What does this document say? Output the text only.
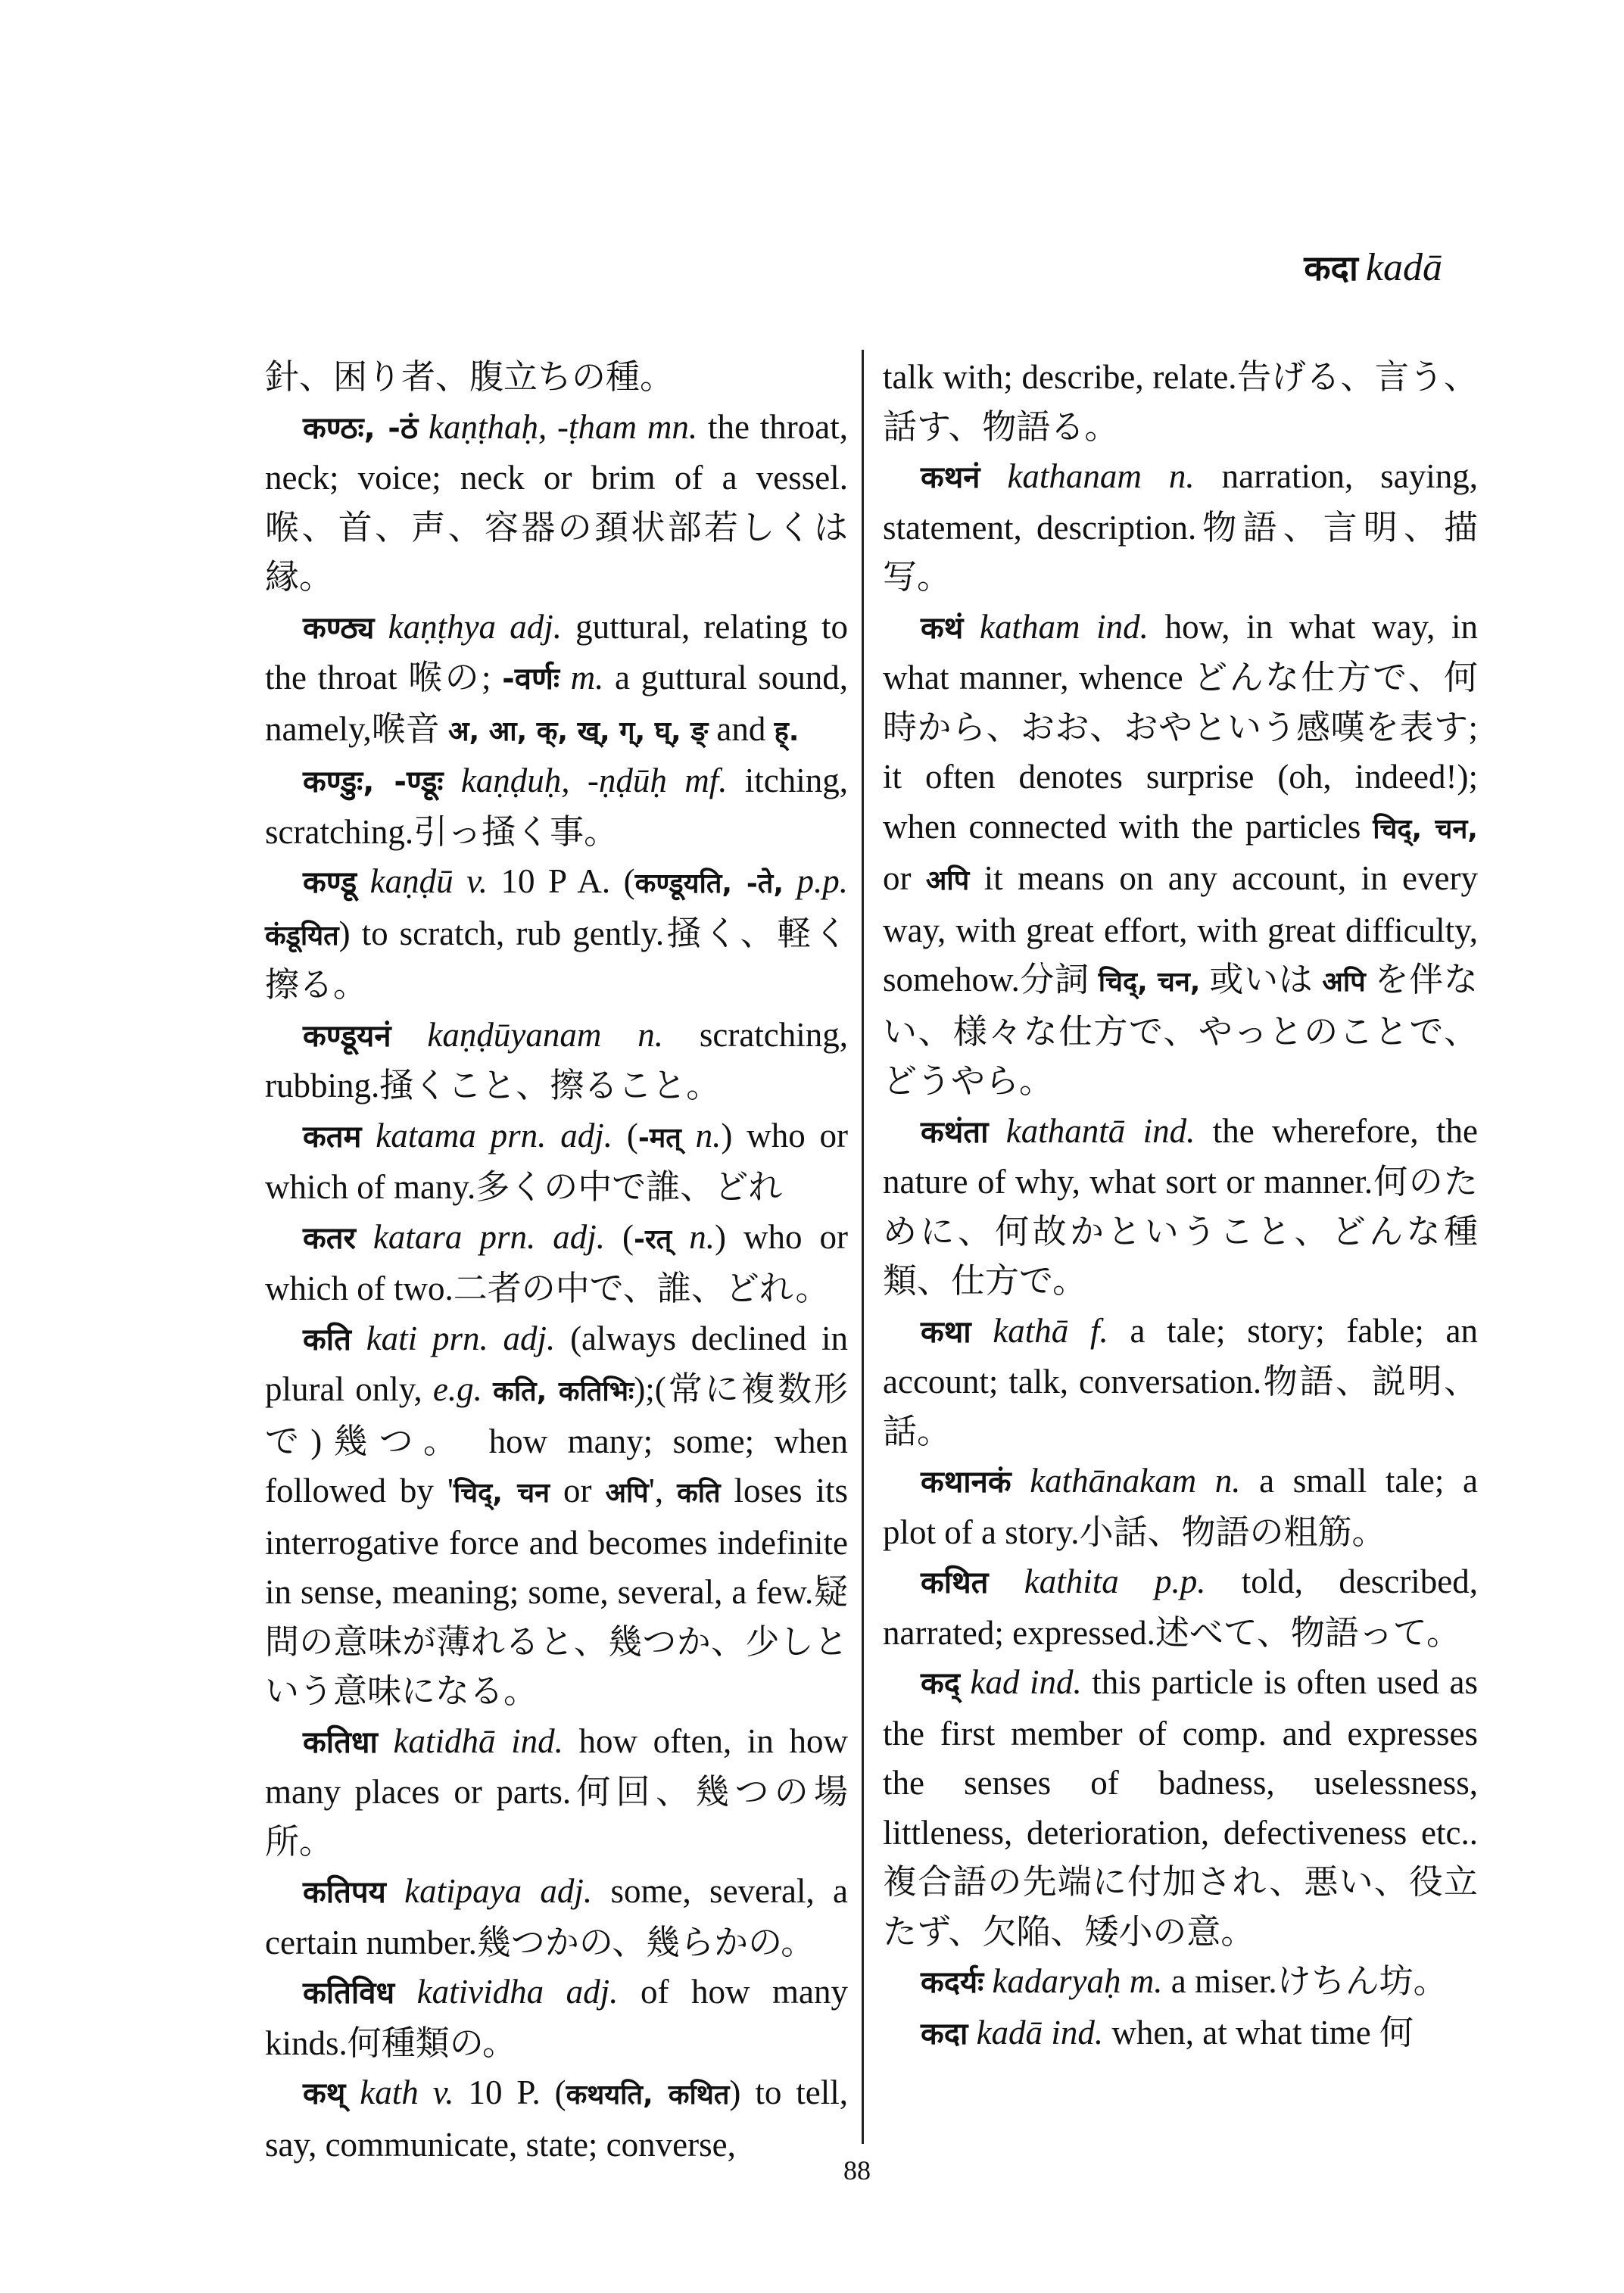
कदा kadā

針、困り者、腹立ちの種。

कण्ठः, -ठं kaṇṭhaḥ, -ṭham mn. the throat, neck; voice; neck or brim of a vessel. 喉、首、声、容器の頚状部若しくは縁。

कण्ठ्य kaṇṭhya adj. guttural, relating to the throat 喉の; -वर्णः m. a guttural sound, namely,喉音 अ, आ, क्, ख्, ग्, घ्, ङ् and ह्.

कण्डुः, -ण्डूः kaṇḍuḥ, -ṇḍūḥ mf. itching, scratching.引っ掻く事。

कण्डू kaṇḍū v. 10 P A. (कण्डूयति, -ते, p.p. कंडूयित) to scratch, rub gently.掻く、軽く擦る。

कण्डूयनं kaṇḍūyanam n. scratching, rubbing.掻くこと、擦ること。

कतम katama prn. adj. (-मत् n.) who or which of many.多くの中で誰、どれ

कतर katara prn. adj. (-रत् n.) who or which of two.二者の中で、誰、どれ。

कति kati prn. adj. (always declined in plural only, e.g. कति, कतिभिः);(常に複数形で)幾つ。 how many; some; when followed by 'चिद्, चन or अपि', कति loses its interrogative force and becomes indefinite in sense, meaning; some, several, a few.疑問の意味が薄れると、幾つか、少しという意味になる。

कतिधा katidhā ind. how often, in how many places or parts.何回、幾つの場所。

कतिपय katipaya adj. some, several, a certain number.幾つかの、幾らかの。

कतिविध katividha adj. of how many kinds.何種類の。

कथ् kath v. 10 P. (कथयति, कथित) to tell, say, communicate, state; converse,

talk with; describe, relate.告げる、言う、話す、物語る。

कथनं kathanam n. narration, saying, statement, description.物語、言明、描写。

कथं katham ind. how, in what way, in what manner, whence どんな仕方で、何時から、おお、おやという感嘆を表す; it often denotes surprise (oh, indeed!); when connected with the particles चिद्, चन, or अपि it means on any account, in every way, with great effort, with great difficulty, somehow.分詞 चिद्, चन, 或いは अपि を伴ない、様々な仕方で、やっとのことで、どうやら。

कथंता kathantā ind. the wherefore, the nature of why, what sort or manner.何のために、何故かということ、どんな種類、仕方で。

कथा kathā f. a tale; story; fable; an account; talk, conversation.物語、説明、話。

कथानकं kathānakam n. a small tale; a plot of a story.小話、物語の粗筋。

कथित kathita p.p. told, described, narrated; expressed.述べて、物語って。

कद् kad ind. this particle is often used as the first member of comp. and expresses the senses of badness, uselessness, littleness, deterioration, defectiveness etc..複合語の先端に付加され、悪い、役立たず、欠陥、矮小の意。

कदर्यः kadaryaḥ m. a miser.けちん坊。

कदा kadā ind. when, at what time 何

88
